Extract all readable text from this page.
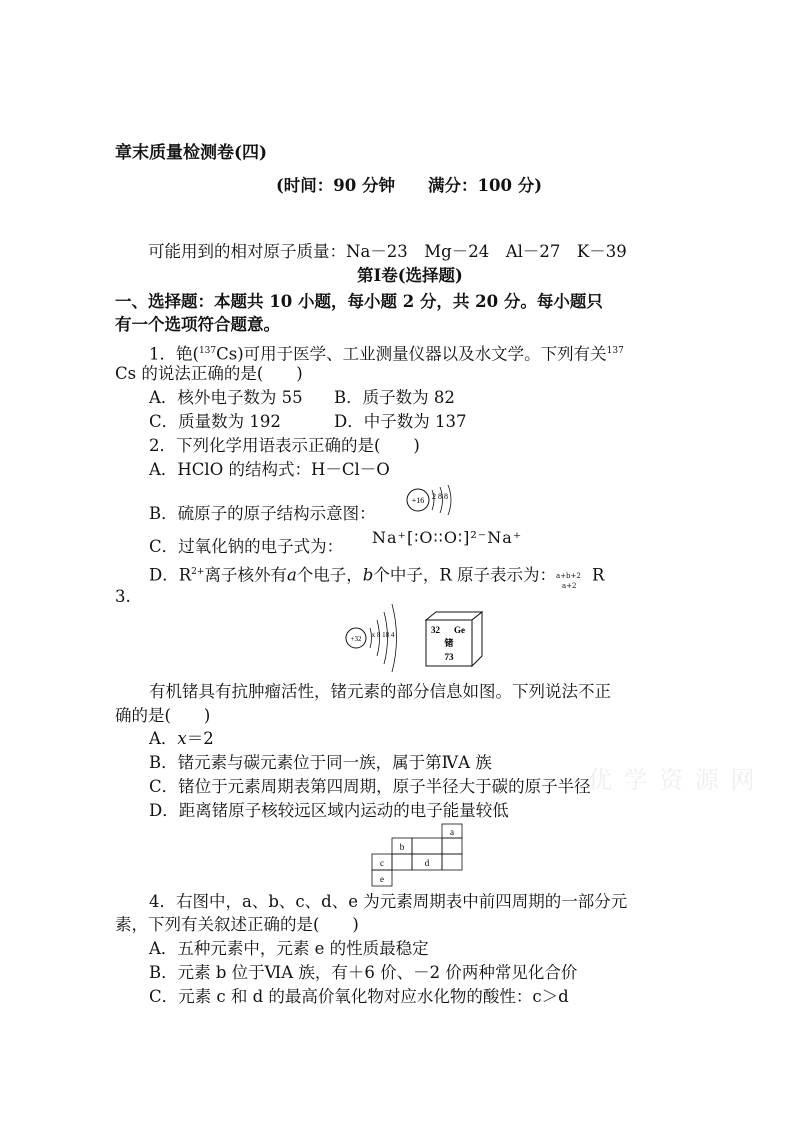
章末质量检测卷(四)
(时间：90 分钟　　满分：100 分)
可能用到的相对原子质量：Na－23　Mg－24　Al－27　K－39
第Ⅰ卷(选择题)
一、选择题：本题共 10 小题，每小题 2 分，共 20 分。每小题只
有一个选项符合题意。
1．铯($^{137}$Cs)可用于医学、工业测量仪器以及水文学。下列有关$^{137}$
Cs 的说法正确的是(　　)
A．核外电子数为 55 B．质子数为 82
C．质量数为 192	D．中子数为 137
2．下列化学用语表示正确的是(　　)
A．HClO 的结构式：H－Cl－O
B．硫原子的原子结构示意图：
+16 2 8 8
C．过氧化钠的电子式为： Na⁺[∶O∶∶O∶]²⁻Na⁺
D．$R^{2+}$离子核外有a个电子，b个中子，R 原子表示为： a+b+2
a+2
R
3.
+32 x 8 18 4	32 Ge
锗
73
有机锗具有抗肿瘤活性，锗元素的部分信息如图。下列说法不正
确的是(　　)
A．x＝2
B．锗元素与碳元素位于同一族，属于第ⅣA 族
C．锗位于元素周期表第四周期，原子半径大于碳的原子半径
D．距离锗原子核较远区域内运动的电子能量较低
优 学 资 源 网
a
b
c	d
e
4．右图中，a、b、c、d、e 为元素周期表中前四周期的一部分元
素，下列有关叙述正确的是(　　)
A．五种元素中，元素 e 的性质最稳定
B．元素 b 位于ⅥA 族，有＋6 价、－2 价两种常见化合价
C．元素 c 和 d 的最高价氧化物对应水化物的酸性：c＞d
